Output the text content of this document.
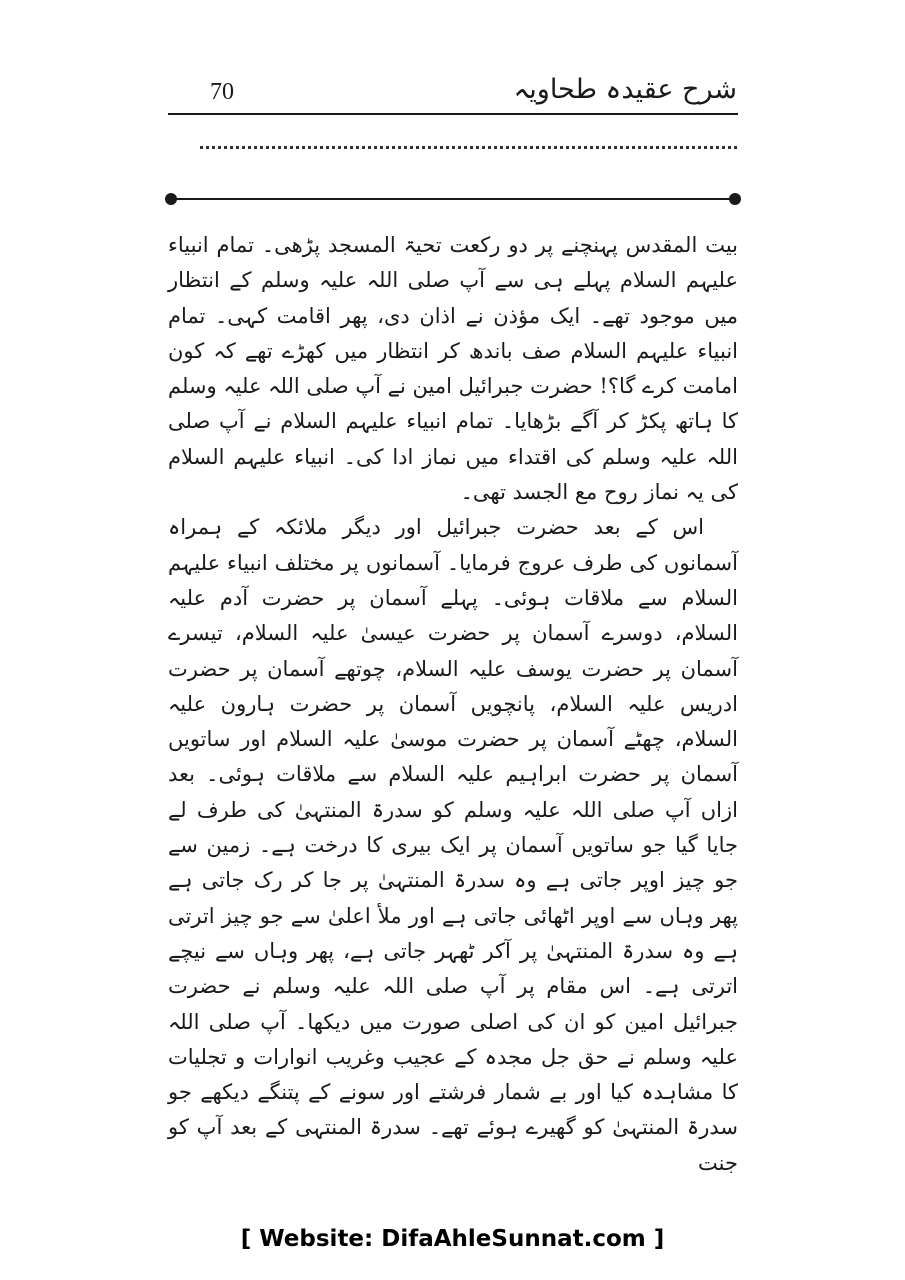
شرح عقیدہ طحاویہ
70

بیت المقدس پہنچنے پر دو رکعت تحیۃ المسجد پڑھی۔ تمام انبیاء علیہم السلام پہلے ہی سے آپ صلی اللہ علیہ وسلم کے انتظار میں موجود تھے۔ ایک مؤذن نے اذان دی، پھر اقامت کہی۔ تمام انبیاء علیہم السلام صف باندھ کر انتظار میں کھڑے تھے کہ کون امامت کرے گا؟! حضرت جبرائیل امین نے آپ صلی اللہ علیہ وسلم کا ہاتھ پکڑ کر آگے بڑھایا۔ تمام انبیاء علیہم السلام نے آپ صلی اللہ علیہ وسلم کی اقتداء میں نماز ادا کی۔ انبیاء علیہم السلام کی یہ نماز روح مع الجسد تھی۔

اس کے بعد حضرت جبرائیل اور دیگر ملائکہ کے ہمراہ آسمانوں کی طرف عروج فرمایا۔ آسمانوں پر مختلف انبیاء علیہم السلام سے ملاقات ہوئی۔ پہلے آسمان پر حضرت آدم علیہ السلام، دوسرے آسمان پر حضرت عیسیٰ علیہ السلام، تیسرے آسمان پر حضرت یوسف علیہ السلام، چوتھے آسمان پر حضرت ادریس علیہ السلام، پانچویں آسمان پر حضرت ہارون علیہ السلام، چھٹے آسمان پر حضرت موسیٰ علیہ السلام اور ساتویں آسمان پر حضرت ابراہیم علیہ السلام سے ملاقات ہوئی۔ بعد ازاں آپ صلی اللہ علیہ وسلم کو سدرۃ المنتہیٰ کی طرف لے جایا گیا جو ساتویں آسمان پر ایک بیری کا درخت ہے۔ زمین سے جو چیز اوپر جاتی ہے وہ سدرۃ المنتہیٰ پر جا کر رک جاتی ہے پھر وہاں سے اوپر اٹھائی جاتی ہے اور ملأ اعلیٰ سے جو چیز اترتی ہے وہ سدرۃ المنتہیٰ پر آکر ٹھہر جاتی ہے، پھر وہاں سے نیچے اترتی ہے۔ اس مقام پر آپ صلی اللہ علیہ وسلم نے حضرت جبرائیل امین کو ان کی اصلی صورت میں دیکھا۔ آپ صلی اللہ علیہ وسلم نے حق جل مجدہ کے عجیب وغریب انوارات و تجلیات کا مشاہدہ کیا اور بے شمار فرشتے اور سونے کے پتنگے دیکھے جو سدرۃ المنتہیٰ کو گھیرے ہوئے تھے۔ سدرۃ المنتہی کے بعد آپ کو جنت

[ Website: DifaAhleSunnat.com ]
